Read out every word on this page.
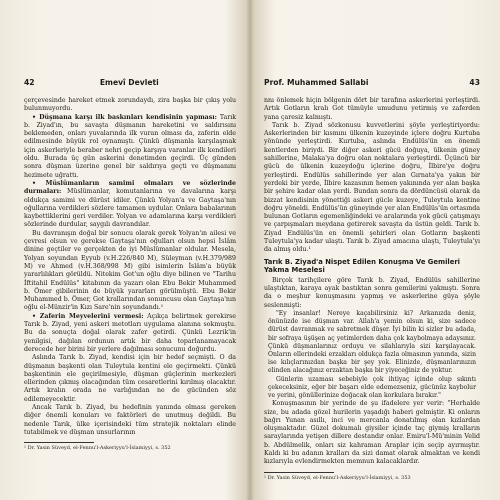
42	Emevî Devleti

çerçevesinde hareket etmek zorundaydı, zira başka bir çıkış yolu bulunmuyordu.

• Düşmana karşı ilk baskınları kendisinin yapması: Tarık b. Ziyad'ın, bu savaşta düşmanın hareketini ve saldırısını beklemeden, onları yuvalarında ilk vuran olması da, zaferin elde edilmesinde büyük rol oynamıştı. Çünkü düşmanla karşılaşmak için askerleriyle beraber nehri geçip karşıya varanlar ilk kendileri oldu. Burada üç gün askerini denetimden geçirdi. Üç günden sonra düşman üzerine genel bir saldırıya geçti ve düşmanını hezimete uğrattı.

• Müslümanların samimi olmaları ve sözlerinde durmaları: Müslümanlar, komutanlarına ve davalarına karşı oldukça samimi ve dürüst idiler. Çünkü Yolyan'a ve Gaytaşa'nın oğullarına verdikleri sözlere tamamen uydular. Onlara babalarının kaybettiklerini geri verdiler. Yolyan ve adamlarına karşı verdikleri sözlerinde durdular, saygılı davrandılar.

Bu davranışın doğal bir sonucu olarak gerek Yolyan'ın ailesi ve çevresi olsun ve gerekse Gaytaşa'nın oğulları olsun hepsi İslâm dinine geçtiler ve gerçekten de iyi Müslümanlar oldular. Mesela, Yolyan soyundan Eyyub (v.H.226/840 M), Süleyman (v.H.379/989 M) ve Ahmed (v.H.368/998 M) gibi isimlerin İslâm'a büyük yararlılıkları görüldü. Nitekim Got'un oğlu diye bilinen ve "Tarihu İftitahil Endülüs" kitabının da yazarı olan Ebu Bekir Muhammed b. Ömer gibilerinin de büyük yararları görülmüştü. Ebu Bekir Muhammed b. Ömer, Got krallarından sonuncusu olan Gaytaşa'nın oğlu el-Münzir'in Kızı Sare'nin soyundandı.¹

• Zaferin Meyvelerini vermesi: Açıkça belirtmek gerekirse Tarık b. Ziyad, yeni askeri metotları uygulama alanına sokmuştu. Bu da sonuçta doğal olarak zafer getirdi. Çünkü Lezrik'in yenilgisi, dağılan ordunun artık bir daha toparlanamayacak derecede her birini bir yerlere dağılması sonucunu doğurdu.

Aslında Tarık b. Ziyad, kendisi için bir hedef seçmişti. O da düşmanın başkenti olan Tuleytula kentini ele geçirmekti. Çünkü başkentinin ele geçirilmesiyle, düşman güçlerinin merkezleri ellerinden çıkmış olacağından tüm cesaretlerini kırılmış olacaktır. Artık kralın orada ne varlığından ne de gücünden söz edilemeyecektir.

Ancak Tarık b. Ziyad, bu hedefinin yanında olması gereken diğer önemli konuları ve faktörleri de unutmuş değildi. Bu nedenle Tarık, ülke içerisindeki tüm stratejik noktaları elinde tutabilmek ve düşman unsurlarının

¹ Dr. Yasin Süveyd, el-Fennu'l-Askeriyyu'l-İslamiyyi, s. 352
Prof. Muhammed Sallabi	43

nnı önlemek hiçin bölgenin dört bir tarafına askerlerini yerleştirdi. Artık Gotların kralı Got tümüyle umudunu yetirmiş ve zaferden yana çaresiz kalmıştı.

Tarık b. Ziyad sözkonusu kuvvetlerini şöyle yerleştiriyordu: Askerlerinden bir kısmını ülkenin kuzeyinde içlere doğru Kurtuba yönünde yerleştirdi. Kurtuba, aslında Endülüs'ün en önemli kentlerden biriydi. Bir diğer askeri gücü doğuya, ülkenin güney sahillerine, Malaka'ya doğru olan noktalara yerleştirdi. Üçüncü bir gücü de ülkenin kuzeydoğu içlerine doğru, İlbire'ye doğru yerleştirdi. Endülüs sahillerinde yer alan Gırnata'ya yakın bir yerdeki bir yerde, İlbire kazasının hemen yakınında yer alan başka bir şehire kadar olan yerdi. Bundan sonra da dördüncüsü olarak da bizzat kendisinin yönettiği askeri gücle kuzeye, Tuleytula kentine doğru yöneldi. Endülüs'ün güneyinde yer alan Endülüs'ün ortasında bulunan Gotların egemenliğindeki ve aralarında yok gücü çatışmayı ve çarpışmaları meydana getirerek savaşta da üstün geldi. Tarık b. Ziyad Endülüs'ün en önemli şehirleri olan Gotların başkenti Tuleytula'ya kadar ulaştı. Tarık b. Ziyad amacına ulaştı, Tuleytula'yı da almış oldu.¹

Tarık B. Ziyad'a Nispet Edilen Konuşma Ve Gemileri Yakma Meselesi

Birçok tarihçilere göre Tarık b. Ziyad, Endülüs sahillerine ulaştıktan, karaya ayak bastıktan sonra gemilerini yakmıştı. Sonra da o meşhur konuşmasını yapmış ve askerlerine güya şöyle seslenmişti:

"Ey insanlar! Nereye kaçabilirsiniz ki? Arkanızda deniz, önünüzde ise düşman var. Allah'a yemin olsun ki, size sadece dürüst davranmak ve sabretmek düşer. İyi bilin ki sizler bu adada, bir sofraya üşüşen aç yetimlerden daha çok kaybolmaya adaysınız. Çünkü düşmanlarınız orduyu ve silahlarıyla sizi karşılayacak. Onların ellerindeki erzakları oldukça fazla olmasının yanında, sizin ise kılıçlarınızdan başka bir şey yok. Elinizde, düşmanlarınızın elinden alacağınız erzaktan başka bir yiyeceğiniz de yoktur.

Günlerin uzaması sebebiyle çok ihtiyaç içinde olup sıkıntı çekeceksiniz, eğer bir başarı elde edemezseniz, gücünüz kaybolur ve yerini, gönüllerinize doğacak olan korkulara bırakır."

Konuşmasının bir yerinde de şu ifadelere yer verir: "Herhalde size, bu adada gözel hurilerin yaşadığı haberi gelmiştir. Ki onların bağrı Yunan asıllı, inci ve mercanla donatılmış olan kızlardan oluşmaktadır. Güzel dokumalı giysiler içinde taç giymiş kralların saraylarında yetişen dillere destandır onlar. Emiru'l-Mü'minin Velid b. Abdülmelik, onları siz kahraman Araplar için seçip ayırmıştır. Kaldı ki bu adanın kralları da sizi damat olarak almaktan ve kendi kızlarıyla evlendirmekten memnun kalacaklardır.

¹ Dr. Yasin Süveyd, el-Fennu'l-Askeriyyu'l-İslamiyyi, s. 353
